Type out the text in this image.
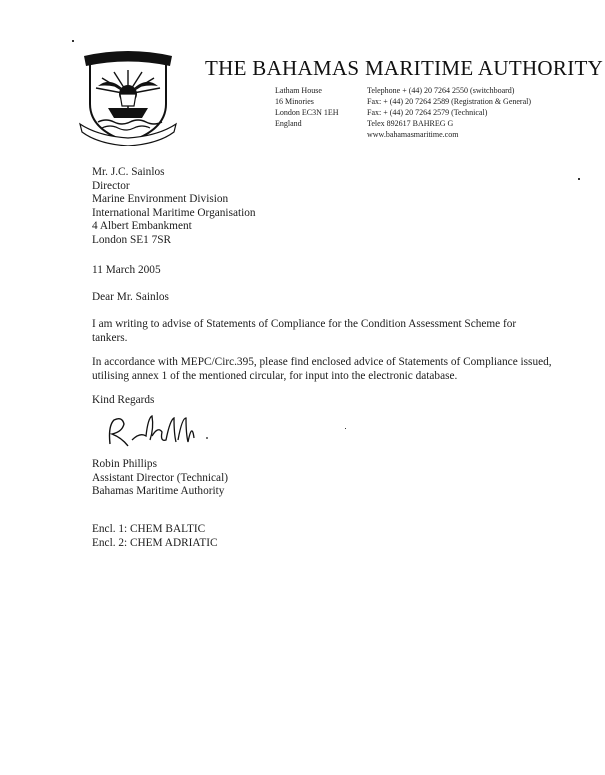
THE BAHAMAS MARITIME AUTHORITY
Latham House
16 Minories
London EC3N 1EH
England
Telephone + (44) 20 7264 2550 (switchboard)
Fax: + (44) 20 7264 2589 (Registration & General)
Fax: + (44) 20 7264 2579 (Technical)
Telex 892617 BAHREG G
www.bahamasmaritime.com
Mr. J.C. Sainlos
Director
Marine Environment Division
International Maritime Organisation
4 Albert Embankment
London SE1 7SR
11 March 2005
Dear Mr. Sainlos
I am writing to advise of Statements of Compliance for the Condition Assessment Scheme for
tankers.
In accordance with MEPC/Circ.395, please find enclosed advice of Statements of Compliance issued,
utilising annex 1 of the mentioned circular, for input into the electronic database.
Kind Regards
Robin Phillips
Assistant Director (Technical)
Bahamas Maritime Authority
Encl. 1: CHEM BALTIC
Encl. 2: CHEM ADRIATIC
